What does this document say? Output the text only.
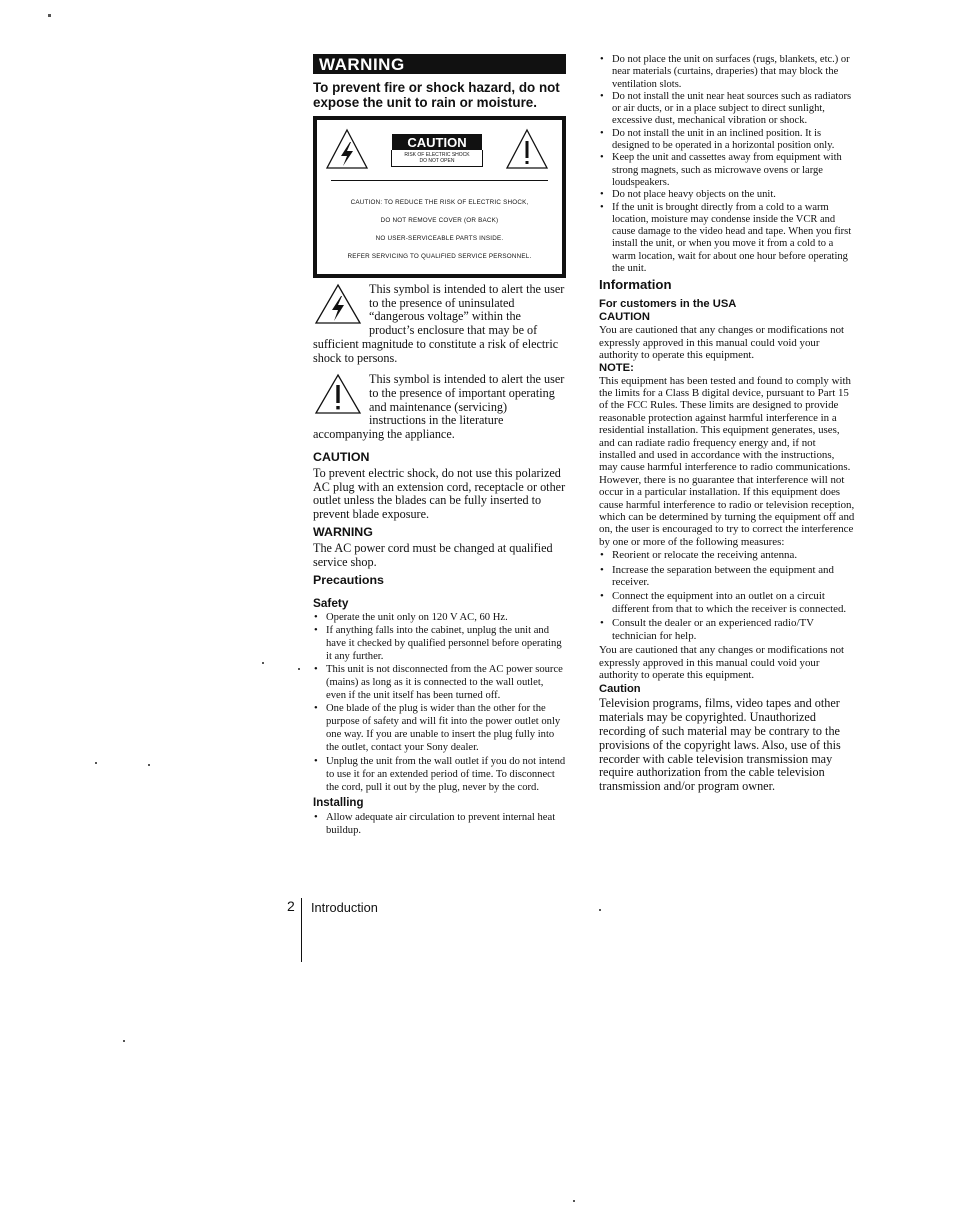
WARNING
To prevent fire or shock hazard, do not expose the unit to rain or moisture.
CAUTION
RISK OF ELECTRIC SHOCK
DO NOT OPEN
CAUTION: TO REDUCE THE RISK OF ELECTRIC SHOCK,
DO NOT REMOVE COVER (OR BACK)
NO USER-SERVICEABLE PARTS INSIDE.
REFER SERVICING TO QUALIFIED SERVICE PERSONNEL.
This symbol is intended to alert the user to the presence of uninsulated “dangerous voltage” within the product’s enclosure that may be of sufficient magnitude to constitute a risk of electric shock to persons.
This symbol is intended to alert the user to the presence of important operating and maintenance (servicing) instructions in the literature accompanying the appliance.
CAUTION

To prevent electric shock, do not use this polarized AC plug with an extension cord, receptacle or other outlet unless the blades can be fully inserted to prevent blade exposure.

WARNING

The AC power cord must be changed at qualified service shop.

Precautions
Safety
• Operate the unit only on 120 V AC, 60 Hz.
• If anything falls into the cabinet, unplug the unit and have it checked by qualified personnel before operating it any further.
• This unit is not disconnected from the AC power source (mains) as long as it is connected to the wall outlet, even if the unit itself has been turned off.
• One blade of the plug is wider than the other for the purpose of safety and will fit into the power outlet only one way. If you are unable to insert the plug fully into the outlet, contact your Sony dealer.
• Unplug the unit from the wall outlet if you do not intend to use it for an extended period of time. To disconnect the cord, pull it out by the plug, never by the cord.
Installing
• Allow adequate air circulation to prevent internal heat buildup.
• Do not place the unit on surfaces (rugs, blankets, etc.) or near materials (curtains, draperies) that may block the ventilation slots.
• Do not install the unit near heat sources such as radiators or air ducts, or in a place subject to direct sunlight, excessive dust, mechanical vibration or shock.
• Do not install the unit in an inclined position. It is designed to be operated in a horizontal position only.
• Keep the unit and cassettes away from equipment with strong magnets, such as microwave ovens or large loudspeakers.
• Do not place heavy objects on the unit.
• If the unit is brought directly from a cold to a warm location, moisture may condense inside the VCR and cause damage to the video head and tape. When you first install the unit, or when you move it from a cold to a warm location, wait for about one hour before operating the unit.
Information
For customers in the USA
CAUTION

You are cautioned that any changes or modifications not expressly approved in this manual could void your authority to operate this equipment.

NOTE:

This equipment has been tested and found to comply with the limits for a Class B digital device, pursuant to Part 15 of the FCC Rules. These limits are designed to provide reasonable protection against harmful interference in a residential installation. This equipment generates, uses, and can radiate radio frequency energy and, if not installed and used in accordance with the instructions, may cause harmful interference to radio communications. However, there is no guarantee that interference will not occur in a particular installation. If this equipment does cause harmful interference to radio or television reception, which can be determined by turning the equipment off and on, the user is encouraged to try to correct the interference by one or more of the following measures:

• Reorient or relocate the receiving antenna.
• Increase the separation between the equipment and receiver.
• Connect the equipment into an outlet on a circuit different from that to which the receiver is connected.
• Consult the dealer or an experienced radio/TV technician for help.

You are cautioned that any changes or modifications not expressly approved in this manual could void your authority to operate this equipment.

Caution

Television programs, films, video tapes and other materials may be copyrighted. Unauthorized recording of such material may be contrary to the provisions of the copyright laws. Also, use of this recorder with cable television transmission may require authorization from the cable television transmission and/or program owner.

2 Introduction
